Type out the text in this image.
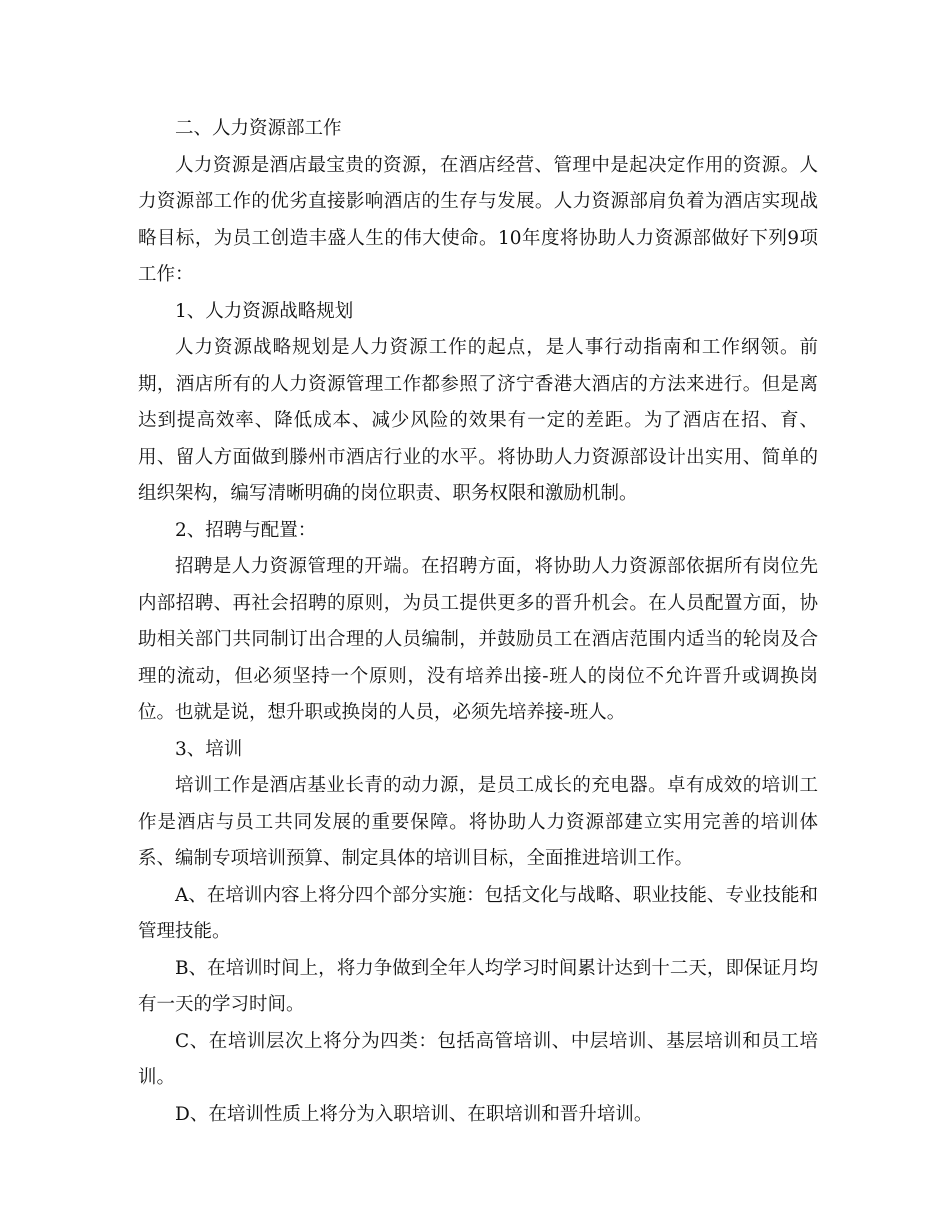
二、人力资源部工作

人力资源是酒店最宝贵的资源，在酒店经营、管理中是起决定作用的资源。人力资源部工作的优劣直接影响酒店的生存与发展。人力资源部肩负着为酒店实现战略目标，为员工创造丰盛人生的伟大使命。10年度将协助人力资源部做好下列9项工作：

1、人力资源战略规划

人力资源战略规划是人力资源工作的起点，是人事行动指南和工作纲领。前期，酒店所有的人力资源管理工作都参照了济宁香港大酒店的方法来进行。但是离达到提高效率、降低成本、减少风险的效果有一定的差距。为了酒店在招、育、用、留人方面做到滕州市酒店行业的水平。将协助人力资源部设计出实用、简单的组织架构，编写清晰明确的岗位职责、职务权限和激励机制。

2、招聘与配置：

招聘是人力资源管理的开端。在招聘方面，将协助人力资源部依据所有岗位先内部招聘、再社会招聘的原则，为员工提供更多的晋升机会。在人员配置方面，协助相关部门共同制订出合理的人员编制，并鼓励员工在酒店范围内适当的轮岗及合理的流动，但必须坚持一个原则，没有培养出接-班人的岗位不允许晋升或调换岗位。也就是说，想升职或换岗的人员，必须先培养接-班人。

3、培训

培训工作是酒店基业长青的动力源，是员工成长的充电器。卓有成效的培训工作是酒店与员工共同发展的重要保障。将协助人力资源部建立实用完善的培训体系、编制专项培训预算、制定具体的培训目标，全面推进培训工作。

A、在培训内容上将分四个部分实施：包括文化与战略、职业技能、专业技能和管理技能。

B、在培训时间上，将力争做到全年人均学习时间累计达到十二天，即保证月均有一天的学习时间。

C、在培训层次上将分为四类：包括高管培训、中层培训、基层培训和员工培训。

D、在培训性质上将分为入职培训、在职培训和晋升培训。
